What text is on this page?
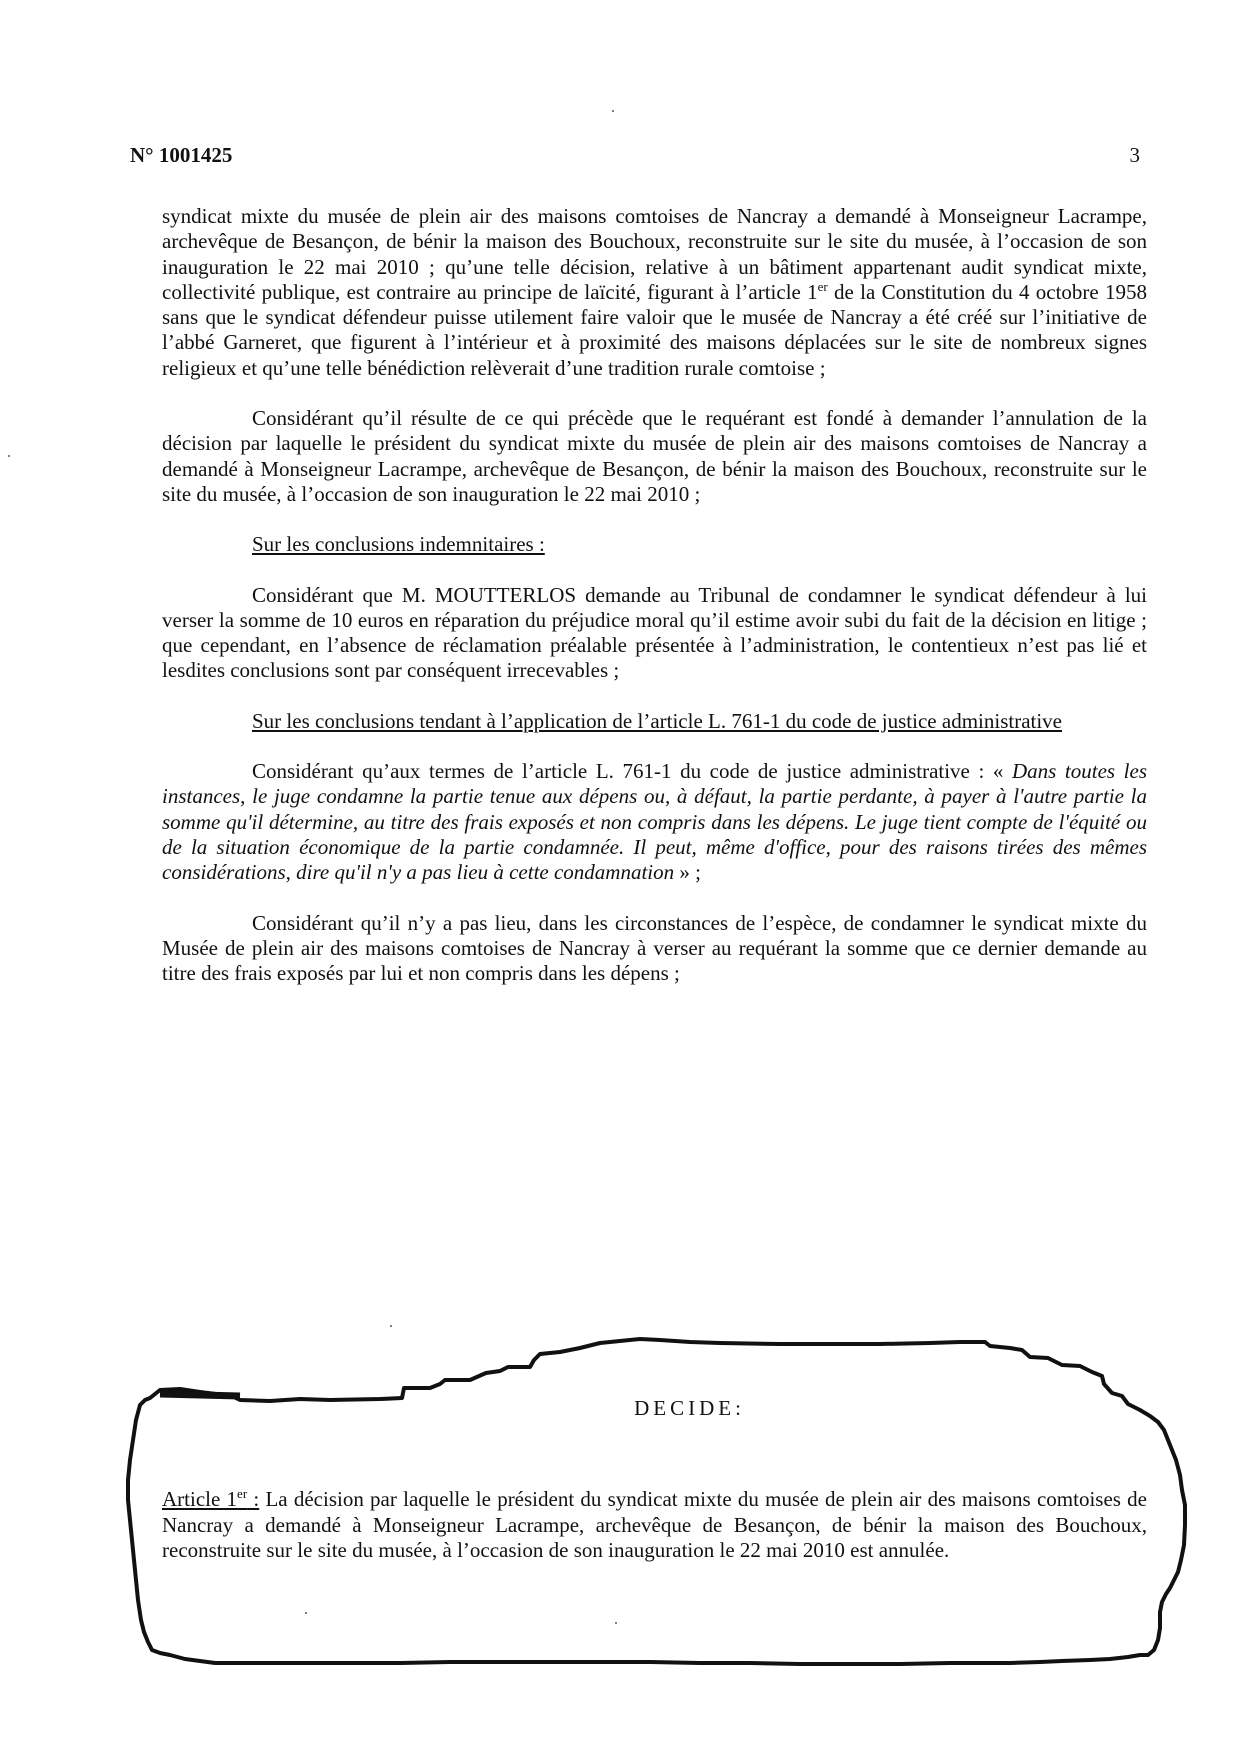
N° 1001425	3

syndicat mixte du musée de plein air des maisons comtoises de Nancray a demandé à Monseigneur Lacrampe, archevêque de Besançon, de bénir la maison des Bouchoux, reconstruite sur le site du musée, à l’occasion de son inauguration le 22 mai 2010 ; qu’une telle décision, relative à un bâtiment appartenant audit syndicat mixte, collectivité publique, est contraire au principe de laïcité, figurant à l’article 1er de la Constitution du 4 octobre 1958 sans que le syndicat défendeur puisse utilement faire valoir que le musée de Nancray a été créé sur l’initiative de l’abbé Garneret, que figurent à l’intérieur et à proximité des maisons déplacées sur le site de nombreux signes religieux et qu’une telle bénédiction relèverait d’une tradition rurale comtoise ;

Considérant qu’il résulte de ce qui précède que le requérant est fondé à demander l’annulation de la décision par laquelle le président du syndicat mixte du musée de plein air des maisons comtoises de Nancray a demandé à Monseigneur Lacrampe, archevêque de Besançon, de bénir la maison des Bouchoux, reconstruite sur le site du musée, à l’occasion de son inauguration le 22 mai 2010 ;

Sur les conclusions indemnitaires :

Considérant que M. MOUTTERLOS demande au Tribunal de condamner le syndicat défendeur à lui verser la somme de 10 euros en réparation du préjudice moral qu’il estime avoir subi du fait de la décision en litige ; que cependant, en l’absence de réclamation préalable présentée à l’administration, le contentieux n’est pas lié et lesdites conclusions sont par conséquent irrecevables ;

Sur les conclusions tendant à l’application de l’article L. 761-1 du code de justice administrative

Considérant qu’aux termes de l’article L. 761-1 du code de justice administrative : « Dans toutes les instances, le juge condamne la partie tenue aux dépens ou, à défaut, la partie perdante, à payer à l'autre partie la somme qu'il détermine, au titre des frais exposés et non compris dans les dépens. Le juge tient compte de l'équité ou de la situation économique de la partie condamnée. Il peut, même d'office, pour des raisons tirées des mêmes considérations, dire qu'il n'y a pas lieu à cette condamnation » ;

Considérant qu’il n’y a pas lieu, dans les circonstances de l’espèce, de condamner le syndicat mixte du Musée de plein air des maisons comtoises de Nancray à verser au requérant la somme que ce dernier demande au titre des frais exposés par lui et non compris dans les dépens ;

DECIDE:

Article 1er : La décision par laquelle le président du syndicat mixte du musée de plein air des maisons comtoises de Nancray a demandé à Monseigneur Lacrampe, archevêque de Besançon, de bénir la maison des Bouchoux, reconstruite sur le site du musée, à l’occasion de son inauguration le 22 mai 2010 est annulée.
